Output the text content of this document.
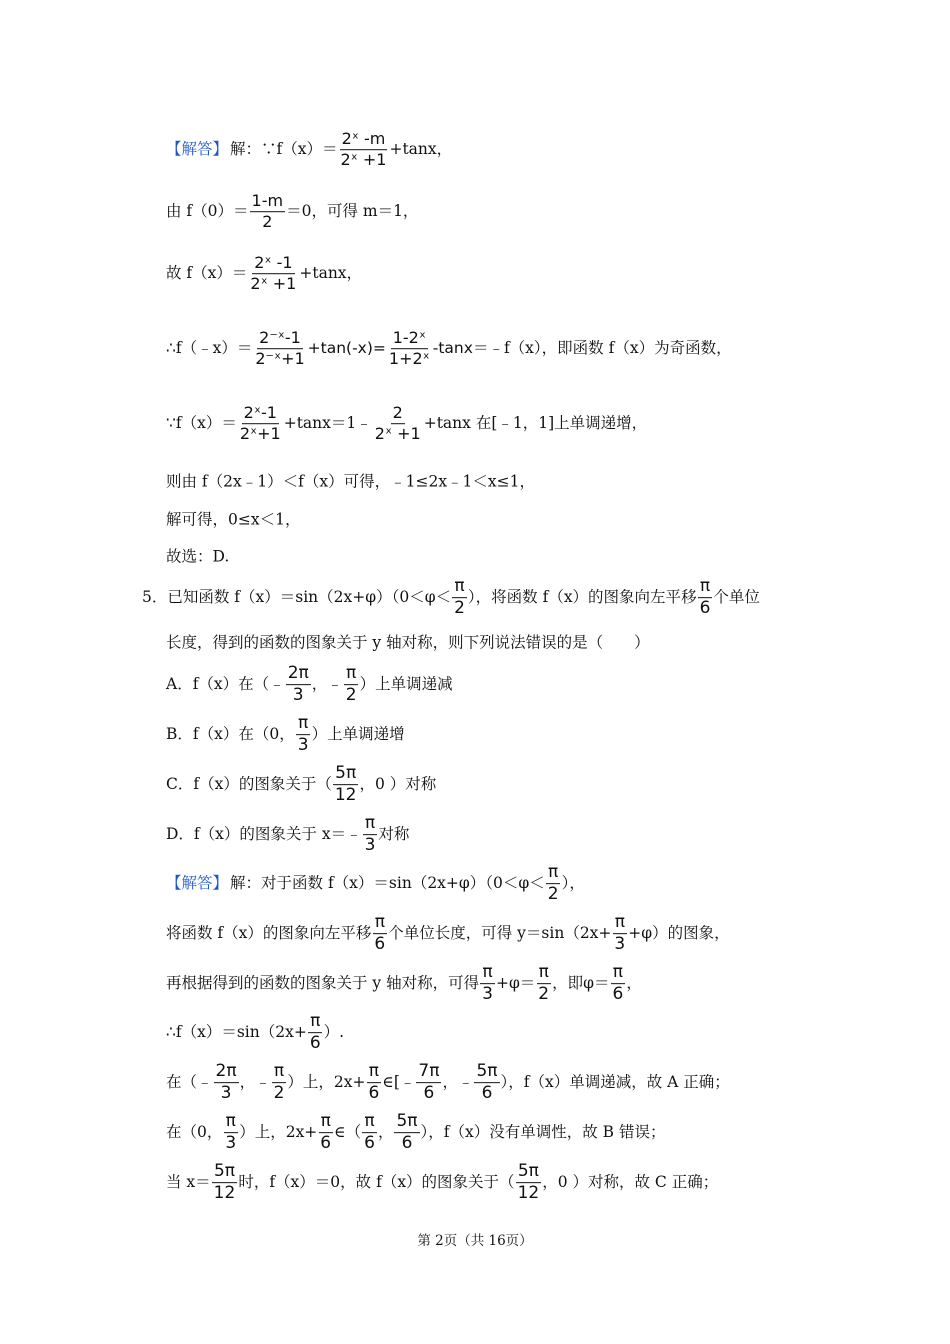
【解答】 解：∵f（x）＝ $\frac{\text{2ˣ -m}}{\text{2ˣ +1}} +\tan x$，
由 $f(0)= \frac{1-m}{2} =0$，可得 m＝1，
故 $f(x)= \frac{\text{2ˣ -1}}{\text{2ˣ +1}} +\tan x$，
∴f（﹣x）＝ $\frac{\text{2⁻ˣ-1}}{\text{2⁻ˣ+1}} +\tan(-x)= \frac{\text{1-2ˣ}}{\text{1+2ˣ}} -\tan x$ ＝﹣f（x），即函数 f（x）为奇函数，
∵f（x）＝ $\frac{\text{2ˣ-1}}{\text{2ˣ+1}}$ +tanx＝1﹣ $\frac{2}{\text{2ˣ +1}} +\tan x$ 在[﹣1，1]上单调递增，
则由 f（2x﹣1）＜f（x）可得，﹣1≤2x﹣1＜x≤1，
解可得，0≤x＜1，
故选：D.
5．已知函数 $f(x)=\sin(2x+\varphi)(0<\varphi< \frac{\pi}{2}$ ），将函数 f（x）的图象向左平移 $\frac{\pi}{6}$ 个单位
长度，得到的函数的图象关于 y 轴对称，则下列说法错误的是（　　）
A．f（x）在（﹣ $\frac{2\pi}{3}$ ，﹣ $\frac{\pi}{2}$ ）上单调递减
B．f（x）在（0， $\frac{\pi}{3}$ ）上单调递增
C．f（x）的图象关于（ $\frac{5\pi}{12}$ ，0 ）对称
D．f（x）的图象关于 x＝﹣ $\frac{\pi}{3}$ 对称
【解答】 解：对于函数 $f(x)=\sin(2x+\varphi)(0<\varphi< \frac{\pi}{2}$ ），
将函数 f（x）的图象向左平移 $\frac{\pi}{6}$ 个单位长度，可得 $y=\sin(2x+ \frac{\pi}{3} +\varphi)$的图象，
再根据得到的函数的图象关于 y 轴对称，可得 $\frac{\pi}{3} +\varphi= \frac{\pi}{2}$ ，即$\varphi= \frac{\pi}{6}$ ，
∴f（x）＝sin（2x+ $\frac{\pi}{6}$ ）.
在（﹣ $\frac{2\pi}{3}$ ，﹣ $\frac{\pi}{2}$ ）上，$2x+ \frac{\pi}{6}$ ∈[﹣ $\frac{7\pi}{6}$ ，﹣ $\frac{5\pi}{6}$ ），f（x）单调递减，故 A 正确；
在（0， $\frac{\pi}{3}$ ）上，$2x+ \frac{\pi}{6}$ ∈（ $\frac{\pi}{6}$ ， $\frac{5\pi}{6}$ ），f（x）没有单调性，故 B 错误；
当 $x= \frac{5\pi}{12}$ 时，f（x）＝0，故 f（x）的图象关于（ $\frac{5\pi}{12}$ ，0 ）对称，故 C 正确；
第 2页（共 16页）
